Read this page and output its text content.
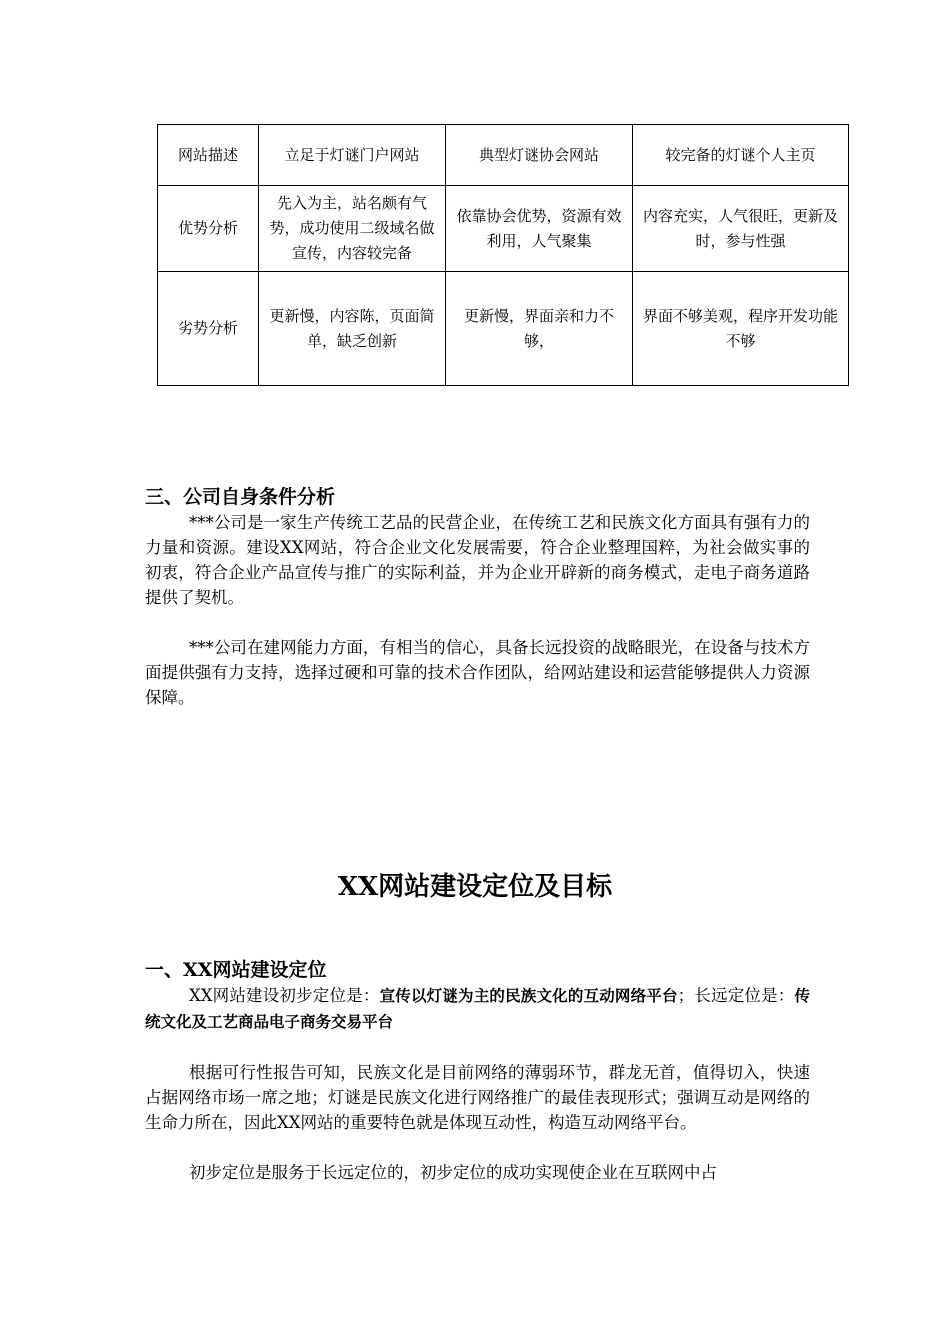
网站描述	立足于灯谜门户网站	典型灯谜协会网站	较完备的灯谜个人主页
优势分析	先入为主，站名颇有气势，成功使用二级域名做宣传，内容较完备	依靠协会优势，资源有效利用，人气聚集	内容充实，人气很旺，更新及时，参与性强
劣势分析	更新慢，内容陈，页面简单，缺乏创新	更新慢，界面亲和力不够，	界面不够美观，程序开发功能不够
三、公司自身条件分析

***公司是一家生产传统工艺品的民营企业，在传统工艺和民族文化方面具有强有力的力量和资源。建设XX网站，符合企业文化发展需要，符合企业整理国粹，为社会做实事的初衷，符合企业产品宣传与推广的实际利益，并为企业开辟新的商务模式，走电子商务道路提供了契机。

***公司在建网能力方面，有相当的信心，具备长远投资的战略眼光，在设备与技术方面提供强有力支持，选择过硬和可靠的技术合作团队，给网站建设和运营能够提供人力资源保障。

XX网站建设定位及目标
一、XX网站建设定位

XX网站建设初步定位是：宣传以灯谜为主的民族文化的互动网络平台；长远定位是：传统文化及工艺商品电子商务交易平台

根据可行性报告可知，民族文化是目前网络的薄弱环节，群龙无首，值得切入，快速占据网络市场一席之地；灯谜是民族文化进行网络推广的最佳表现形式；强调互动是网络的生命力所在，因此XX网站的重要特色就是体现互动性，构造互动网络平台。

初步定位是服务于长远定位的，初步定位的成功实现使企业在互联网中占
